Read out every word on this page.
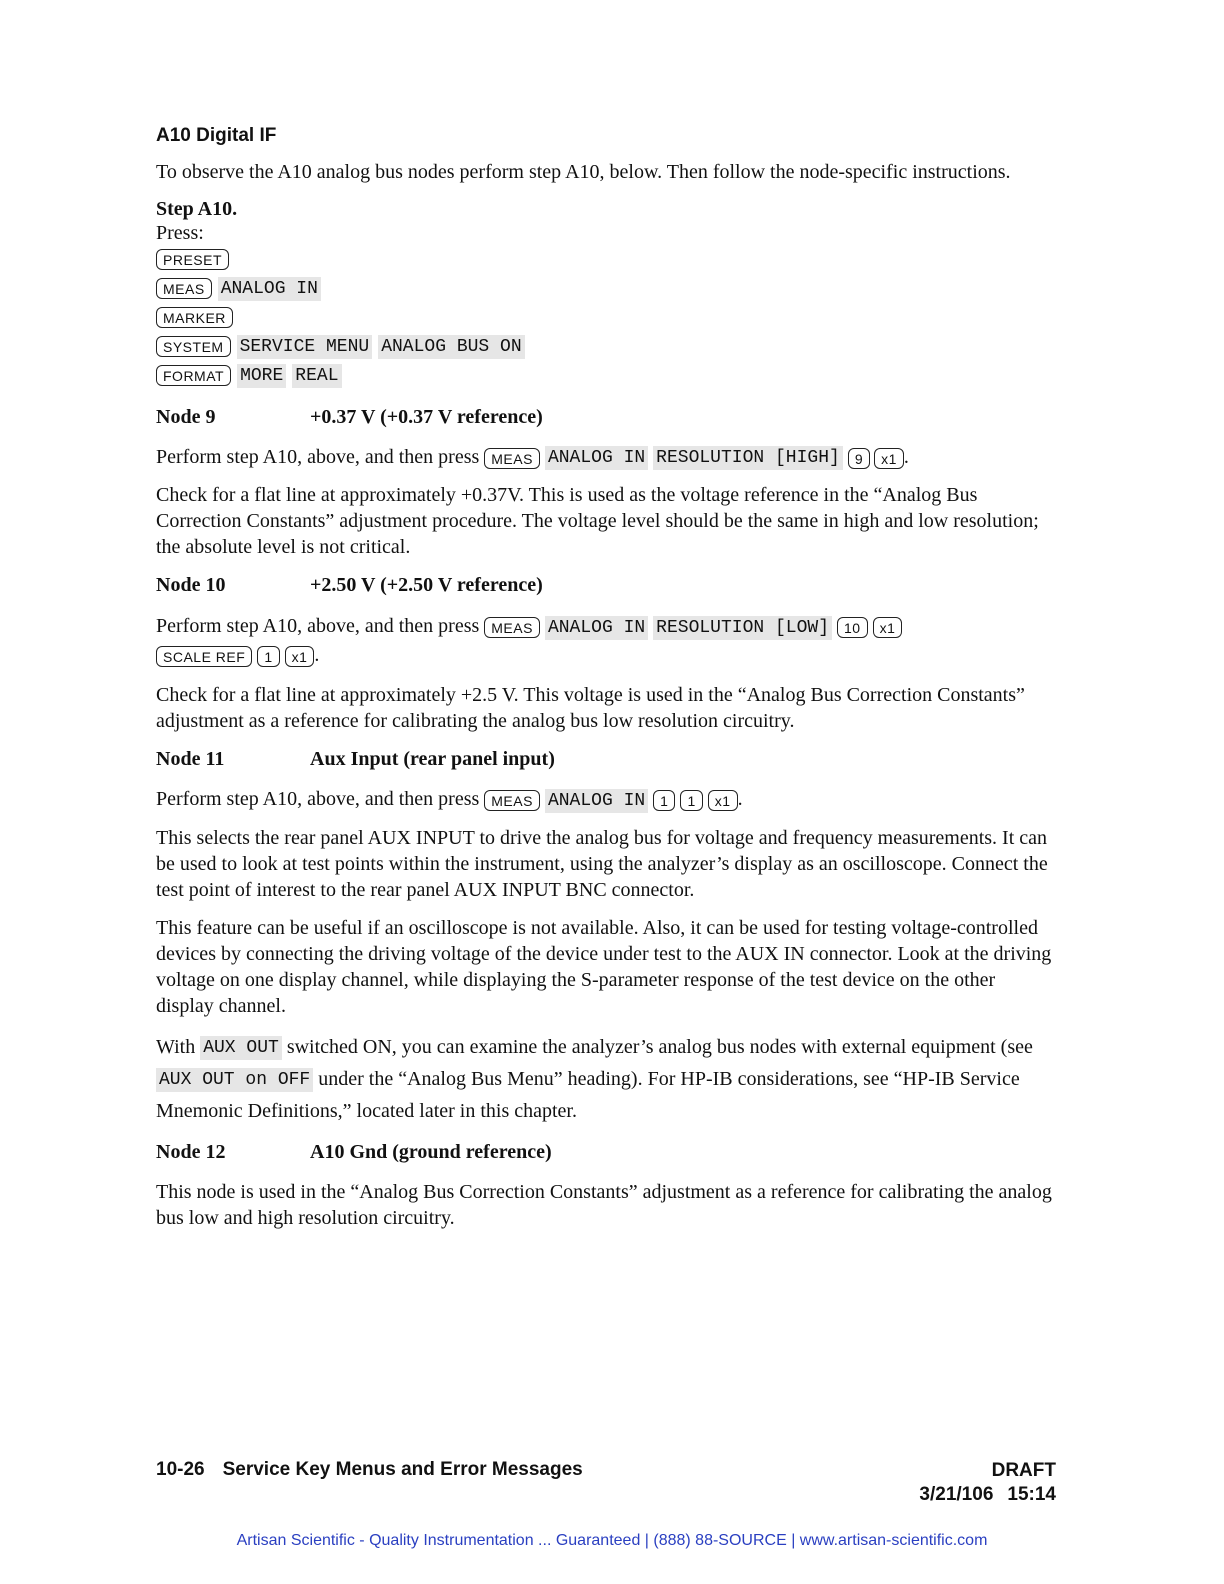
A10 Digital IF

To observe the A10 analog bus nodes perform step A10, below. Then follow the node-specific instructions.

Step A10.
Press:
PRESET
MEAS ANALOG IN
MARKER
SYSTEM SERVICE MENU ANALOG BUS ON
FORMAT MORE REAL
Node 9	+0.37 V (+0.37 V reference)

Perform step A10, above, and then press MEAS ANALOG IN RESOLUTION [HIGH] 9 x1 .

Check for a flat line at approximately +0.37V. This is used as the voltage reference in the “Analog Bus Correction Constants” adjustment procedure. The voltage level should be the same in high and low resolution; the absolute level is not critical.

Node 10	+2.50 V (+2.50 V reference)

Perform step A10, above, and then press MEAS ANALOG IN RESOLUTION [LOW] 10 x1
SCALE REF 1 x1 .

Check for a flat line at approximately +2.5 V. This voltage is used in the “Analog Bus Correction Constants” adjustment as a reference for calibrating the analog bus low resolution circuitry.

Node 11	Aux Input (rear panel input)

Perform step A10, above, and then press MEAS ANALOG IN 1 1 x1 .

This selects the rear panel AUX INPUT to drive the analog bus for voltage and frequency measurements. It can be used to look at test points within the instrument, using the analyzer’s display as an oscilloscope. Connect the test point of interest to the rear panel AUX INPUT BNC connector.

This feature can be useful if an oscilloscope is not available. Also, it can be used for testing voltage-controlled devices by connecting the driving voltage of the device under test to the AUX IN connector. Look at the driving voltage on one display channel, while displaying the S-parameter response of the test device on the other display channel.

With AUX OUT switched ON, you can examine the analyzer’s analog bus nodes with external equipment (see AUX OUT on OFF under the “Analog Bus Menu” heading). For HP-IB considerations, see “HP-IB Service Mnemonic Definitions,” located later in this chapter.

Node 12	A10 Gnd (ground reference)

This node is used in the “Analog Bus Correction Constants” adjustment as a reference for calibrating the analog bus low and high resolution circuitry.

10-26 Service Key Menus and Error Messages	DRAFT
3/21/106 15:14
Artisan Scientific - Quality Instrumentation ... Guaranteed | (888) 88-SOURCE | www.artisan-scientific.com
